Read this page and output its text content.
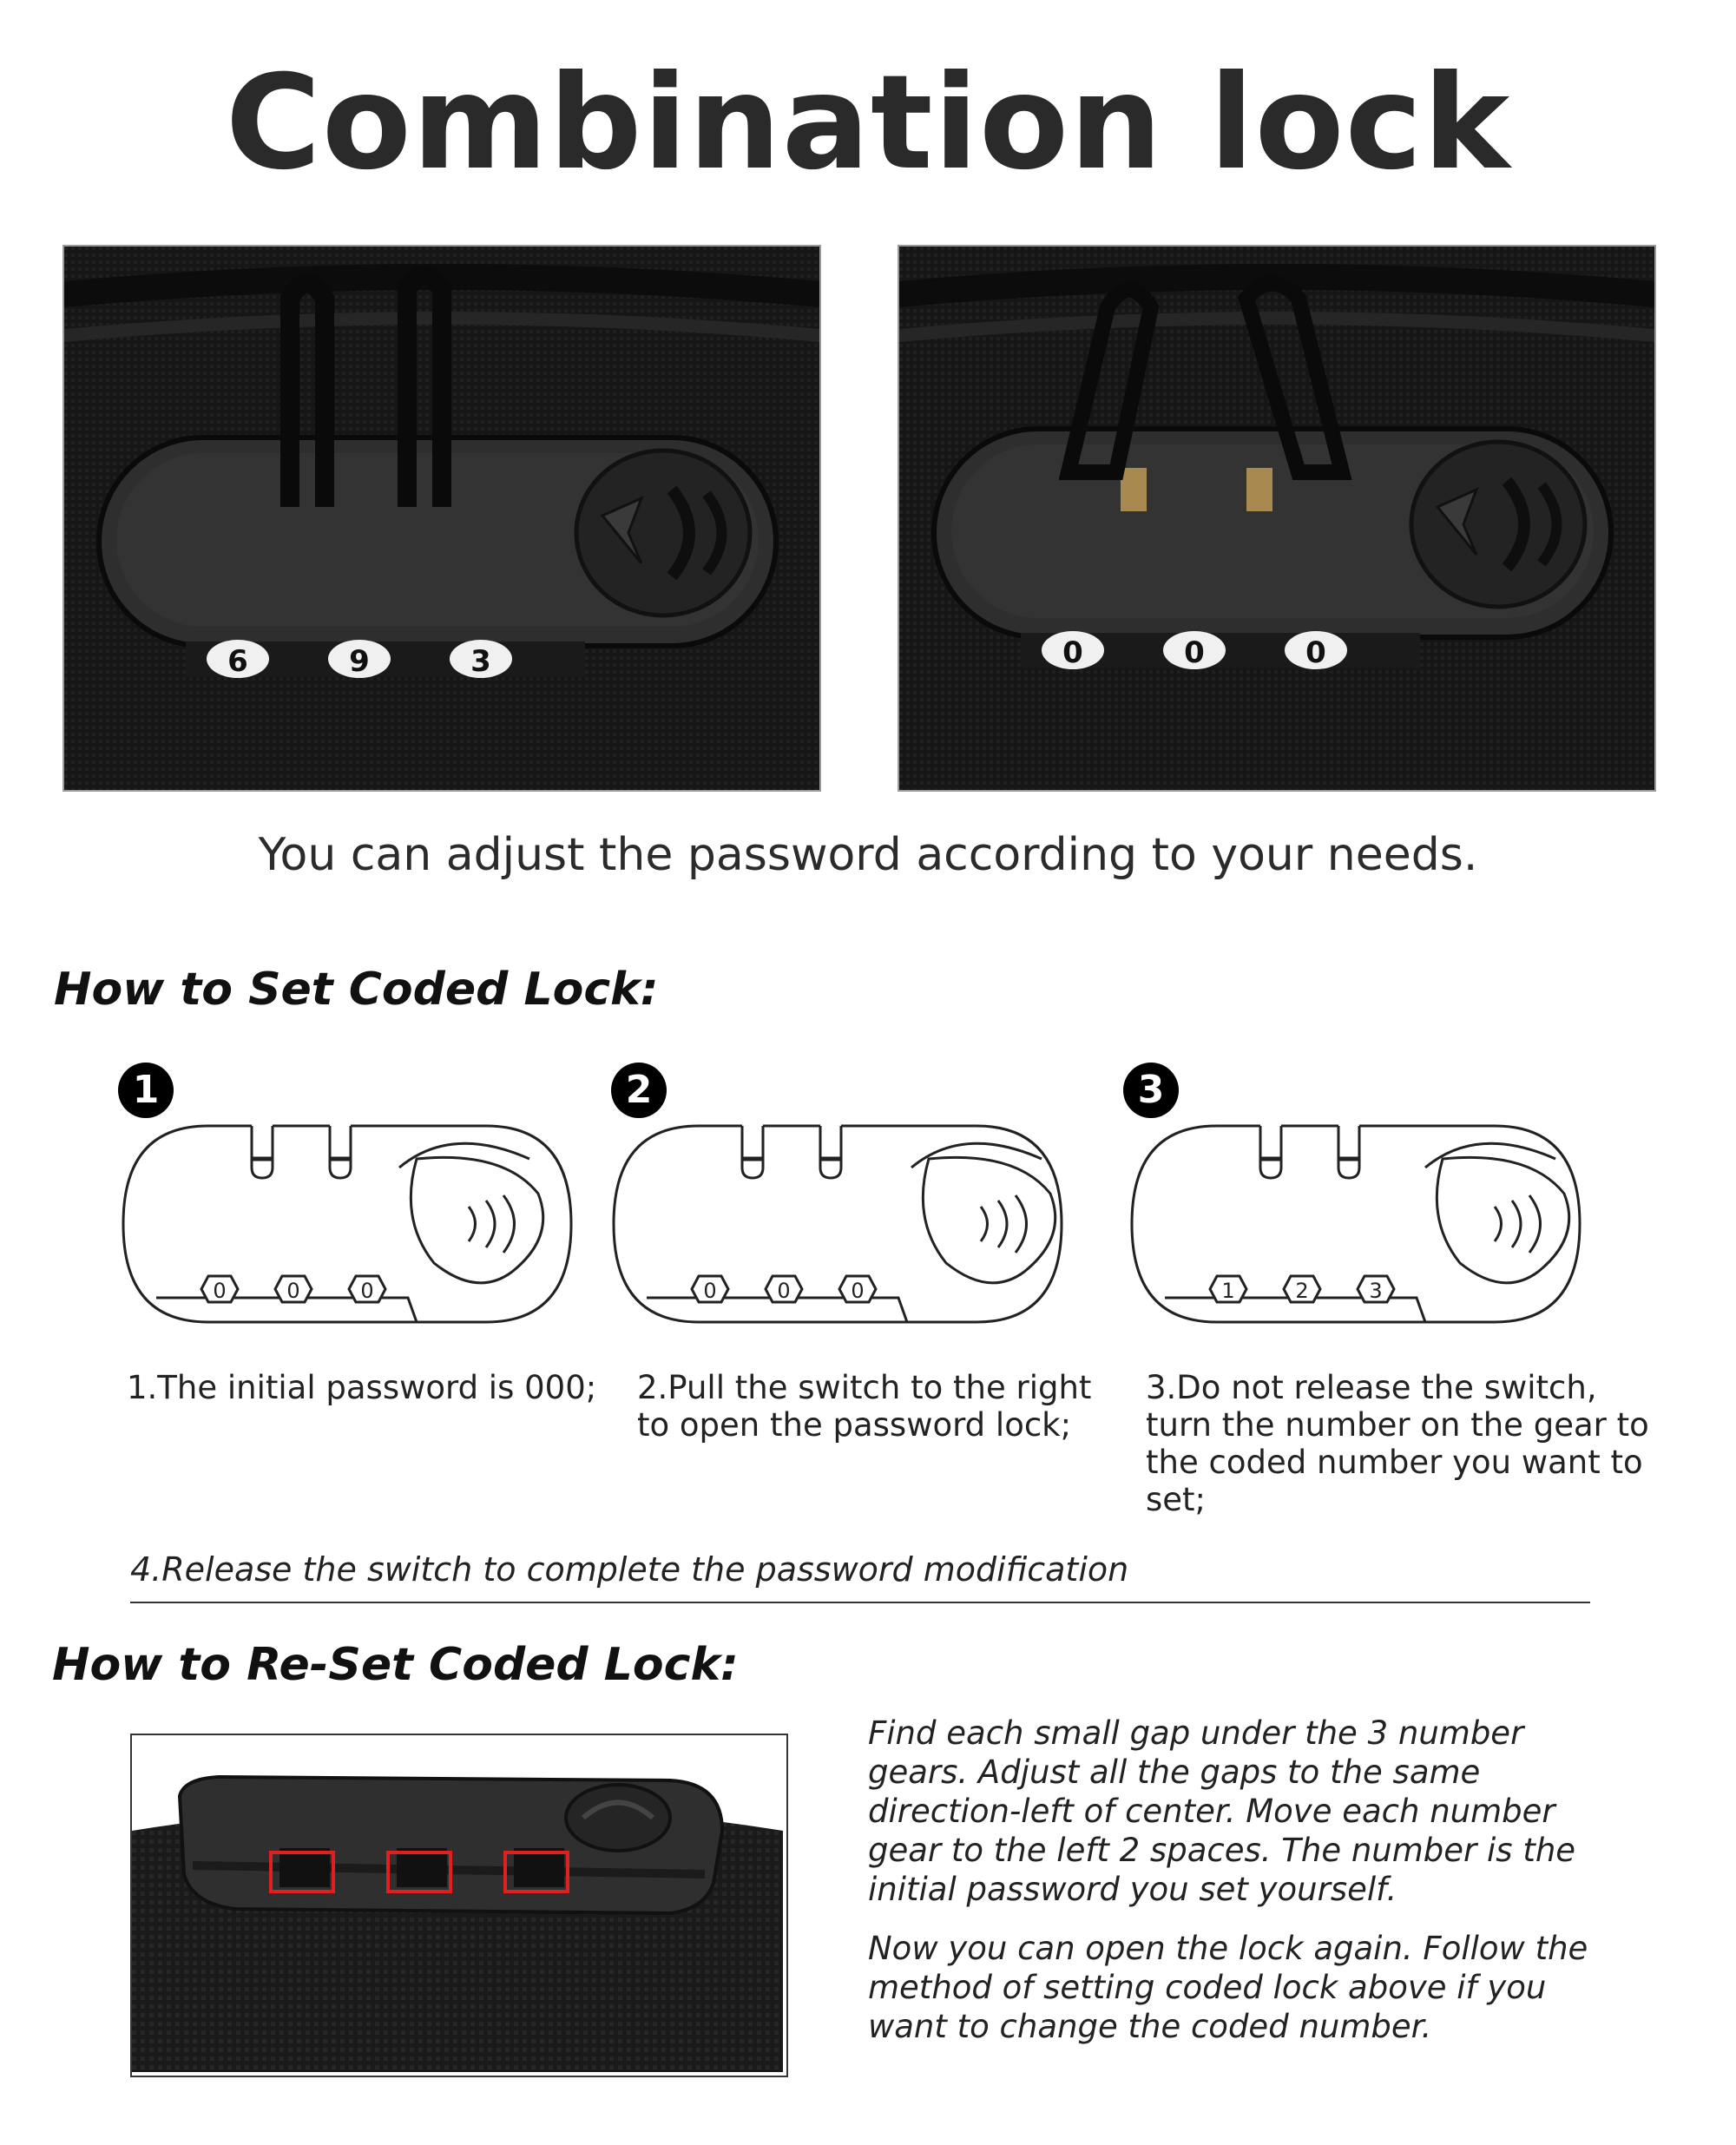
Combination lock
6	9	3	0	0	0
You can adjust the password according to your needs.
How to Set Coded Lock:
1	2	3
0	0	0	0	0	0	1	2	3
1.The initial password is 000;	2.Pull the switch to the right to open the password lock;
3.Do not release the switch, turn the number on the gear to the coded number you want to set;
4.Release the switch to complete the password modification
How to Re-Set Coded Lock:
Find each small gap under the 3 number gears. Adjust all the gaps to the same direction-left of center. Move each number gear to the left 2 spaces. The number is the initial password you set yourself.
Now you can open the lock again. Follow the method of setting coded lock above if you want to change the coded number.
